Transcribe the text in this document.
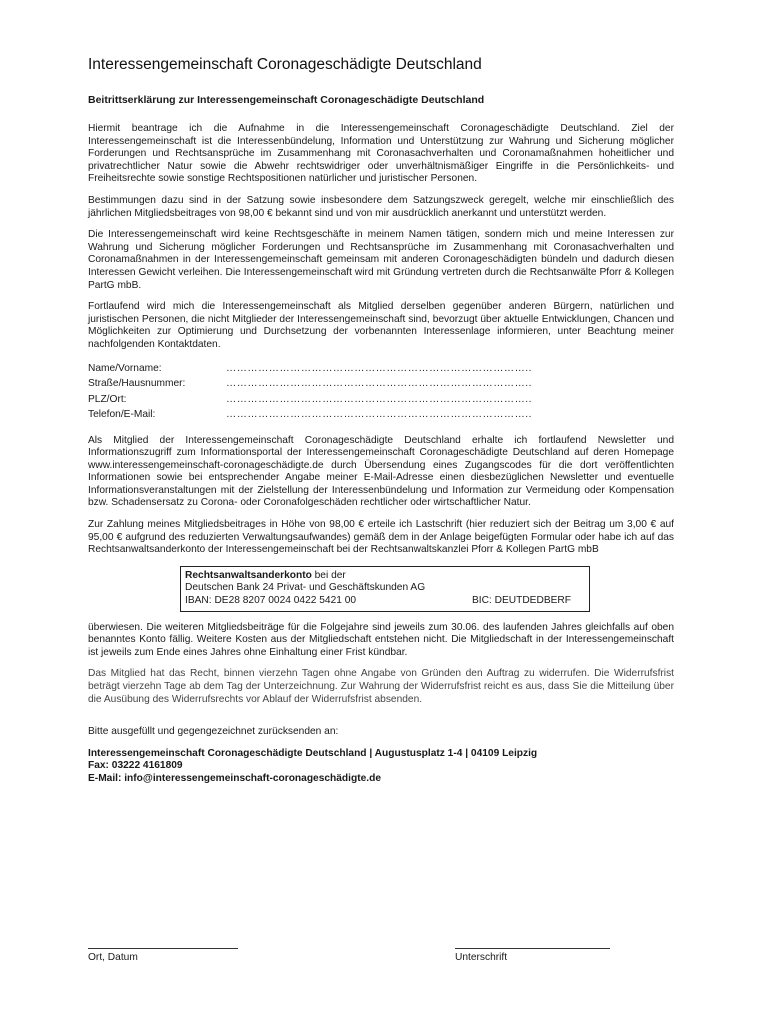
Interessengemeinschaft Coronageschädigte Deutschland
Beitrittserklärung zur Interessengemeinschaft Coronageschädigte Deutschland

Hiermit beantrage ich die Aufnahme in die Interessengemeinschaft Coronageschädigte Deutschland. Ziel der Interessengemeinschaft ist die Interessenbündelung, Information und Unterstützung zur Wahrung und Sicherung möglicher Forderungen und Rechtsansprüche im Zusammenhang mit Coronasachverhalten und Coronamaßnahmen hoheitlicher und privatrechtlicher Natur sowie die Abwehr rechtswidriger oder unverhältnismäßiger Eingriffe in die Persönlichkeits- und Freiheitsrechte sowie sonstige Rechtspositionen natürlicher und juristischer Personen.

Bestimmungen dazu sind in der Satzung sowie insbesondere dem Satzungszweck geregelt, welche mir einschließlich des jährlichen Mitgliedsbeitrages von 98,00 € bekannt sind und von mir ausdrücklich anerkannt und unterstützt werden.

Die Interessengemeinschaft wird keine Rechtsgeschäfte in meinem Namen tätigen, sondern mich und meine Interessen zur Wahrung und Sicherung möglicher Forderungen und Rechtsansprüche im Zusammenhang mit Coronasachverhalten und Coronamaßnahmen in der Interessengemeinschaft gemeinsam mit anderen Coronageschädigten bündeln und dadurch diesen Interessen Gewicht verleihen. Die Interessengemeinschaft wird mit Gründung vertreten durch die Rechtsanwälte Pforr & Kollegen PartG mbB.

Fortlaufend wird mich die Interessengemeinschaft als Mitglied derselben gegenüber anderen Bürgern, natürlichen und juristischen Personen, die nicht Mitglieder der Interessengemeinschaft sind, bevorzugt über aktuelle Entwicklungen, Chancen und Möglichkeiten zur Optimierung und Durchsetzung der vorbenannten Interessenlage informieren, unter Beachtung meiner nachfolgenden Kontaktdaten.

Name/Vorname:	…………………………………………………………………………..
Straße/Hausnummer:	…………………………………………………………………………..
PLZ/Ort:	…………………………………………………………………………..
Telefon/E-Mail:	…………………………………………………………………………..

Als Mitglied der Interessengemeinschaft Coronageschädigte Deutschland erhalte ich fortlaufend Newsletter und Informationszugriff zum Informationsportal der Interessengemeinschaft Coronageschädigte Deutschland auf deren Homepage www.interessengemeinschaft-coronageschädigte.de durch Übersendung eines Zugangscodes für die dort veröffentlichten Informationen sowie bei entsprechender Angabe meiner E-Mail-Adresse einen diesbezüglichen Newsletter und eventuelle Informationsveranstaltungen mit der Zielstellung der Interessenbündelung und Information zur Vermeidung oder Kompensation bzw. Schadensersatz zu Corona- oder Coronafolgeschäden rechtlicher oder wirtschaftlicher Natur.

Zur Zahlung meines Mitgliedsbeitrages in Höhe von 98,00 € erteile ich Lastschrift (hier reduziert sich der Beitrag um 3,00 € auf 95,00 € aufgrund des reduzierten Verwaltungsaufwandes) gemäß dem in der Anlage beigefügten Formular oder habe ich auf das Rechtsanwaltsanderkonto der Interessengemeinschaft bei der Rechtsanwaltskanzlei Pforr & Kollegen PartG mbB

Rechtsanwaltsanderkonto bei der
Deutschen Bank 24 Privat- und Geschäftskunden AG
IBAN: DE28 8207 0024 0422 5421 00	BIC: DEUTDEDBERF

überwiesen. Die weiteren Mitgliedsbeiträge für die Folgejahre sind jeweils zum 30.06. des laufenden Jahres gleichfalls auf oben benanntes Konto fällig. Weitere Kosten aus der Mitgliedschaft entstehen nicht. Die Mitgliedschaft in der Interessengemeinschaft ist jeweils zum Ende eines Jahres ohne Einhaltung einer Frist kündbar.

Das Mitglied hat das Recht, binnen vierzehn Tagen ohne Angabe von Gründen den Auftrag zu widerrufen. Die Widerrufsfrist beträgt vierzehn Tage ab dem Tag der Unterzeichnung. Zur Wahrung der Widerrufsfrist reicht es aus, dass Sie die Mitteilung über die Ausübung des Widerrufsrechts vor Ablauf der Widerrufsfrist absenden.

Bitte ausgefüllt und gegengezeichnet zurücksenden an:

Interessengemeinschaft Coronageschädigte Deutschland | Augustusplatz 1-4 | 04109 Leipzig
Fax: 03222 4161809
E-Mail: info@interessengemeinschaft-coronageschädigte.de
Ort, Datum	Unterschrift
